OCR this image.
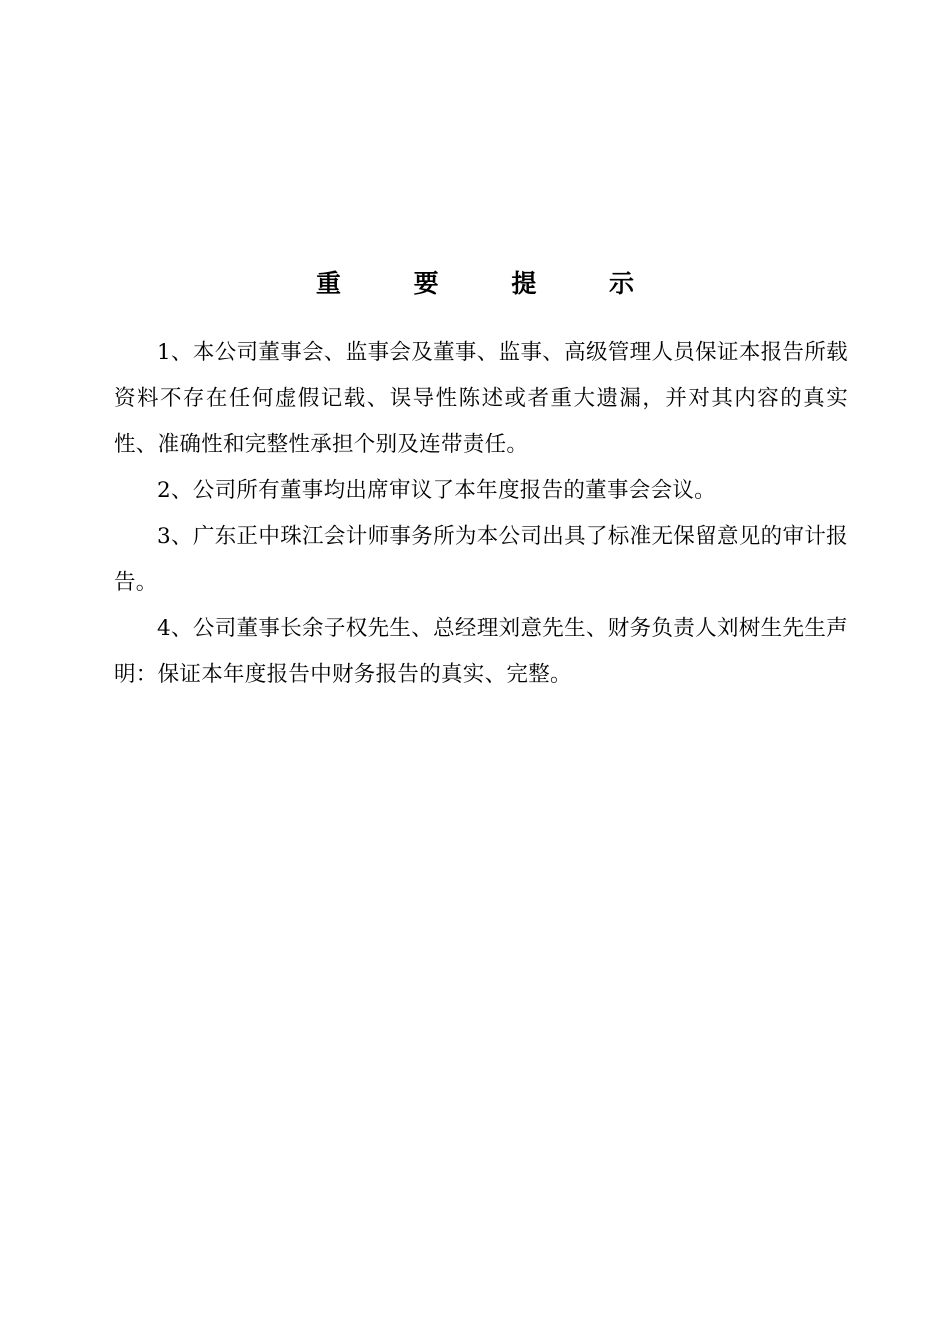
重 要 提 示

1、本公司董事会、监事会及董事、监事、高级管理人员保证本报告所载资料不存在任何虚假记载、误导性陈述或者重大遗漏，并对其内容的真实性、准确性和完整性承担个别及连带责任。

2、公司所有董事均出席审议了本年度报告的董事会会议。

3、广东正中珠江会计师事务所为本公司出具了标准无保留意见的审计报告。

4、公司董事长余子权先生、总经理刘意先生、财务负责人刘树生先生声明：保证本年度报告中财务报告的真实、完整。
